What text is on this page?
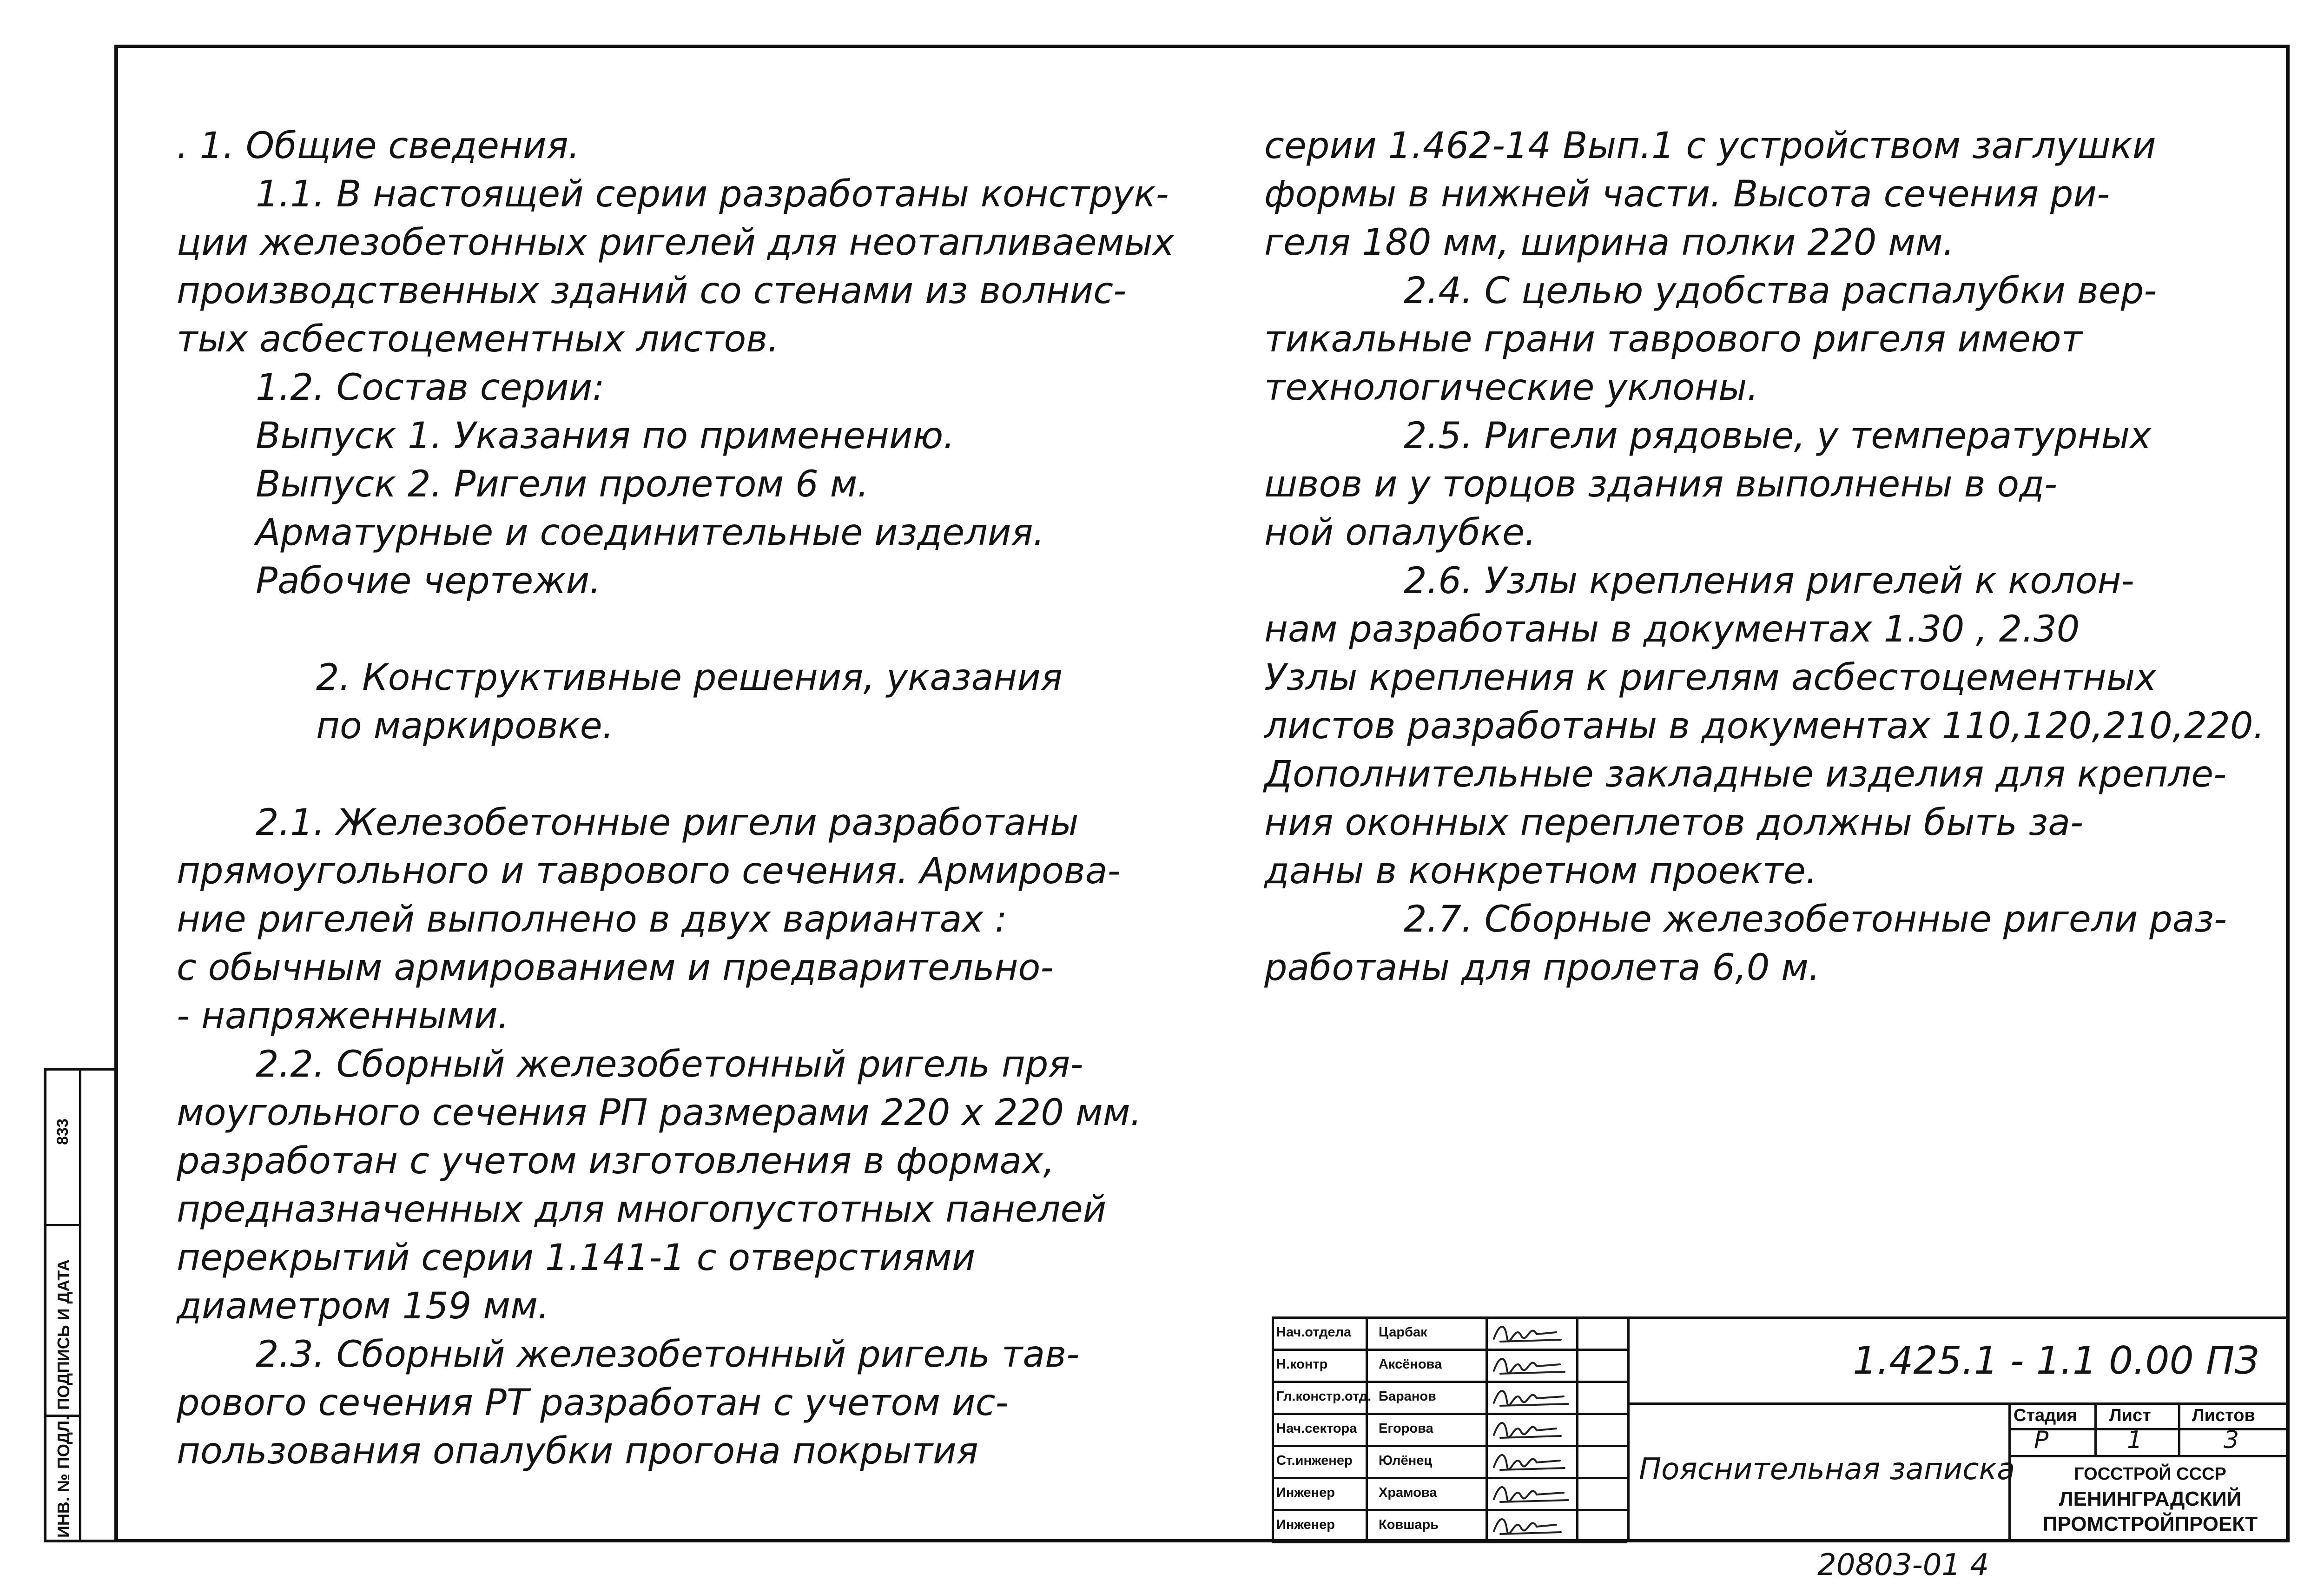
. 1. Общие сведения.
1.1. В настоящей серии разработаны конструк-
ции железобетонных ригелей для неотапливаемых
производственных зданий со стенами из волнис-
тых асбестоцементных листов.
1.2. Состав серии:
Выпуск 1. Указания по применению.
Выпуск 2. Ригели пролетом 6 м.
Арматурные и соединительные изделия.
Рабочие чертежи.
2. Конструктивные решения, указания
по маркировке.
2.1. Железобетонные ригели разработаны
прямоугольного и таврового сечения. Армирова-
ние ригелей выполнено в двух вариантах :
с обычным армированием и предварительно-
- напряженными.
2.2. Сборный железобетонный ригель пря-
моугольного сечения РП размерами 220 x 220 мм.
разработан с учетом изготовления в формах,
предназначенных для многопустотных панелей
перекрытий серии 1.141-1 с отверстиями
диаметром 159 мм.
2.3. Сборный железобетонный ригель тав-
рового сечения РТ разработан с учетом ис-
пользования опалубки прогона покрытия
серии 1.462-14 Вып.1 с устройством заглушки
формы в нижней части. Высота сечения ри-
геля 180 мм, ширина полки 220 мм.
2.4. С целью удобства распалубки вер-
тикальные грани таврового ригеля имеют
технологические уклоны.
2.5. Ригели рядовые, у температурных
швов и у торцов здания выполнены в од-
ной опалубке.
2.6. Узлы крепления ригелей к колон-
нам разработаны в документах 1.30 , 2.30
Узлы крепления к ригелям асбестоцементных
листов разработаны в документах 110,120,210,220.
Дополнительные закладные изделия для крепле-
ния оконных переплетов должны быть за-
даны в конкретном проекте.
2.7. Сборные железобетонные ригели раз-
работаны для пролета 6,0 м.
ИНВ. № ПОДЛ.
ПОДПИСЬ И ДАТА
833
Нач.отдела Царбак
Н.контр	Аксёнова
Гл.констр.отд. Баранов
Нач.сектора Егорова
Ст.инженер Юлёнец
Инженер	Храмова
Инженер	Ковшарь
1.425.1 - 1.1 0.00 ПЗ
Пояснительная записка
Стадия Лист Листов
Р	1	3
ГОССТРОЙ СССР
ЛЕНИНГРАДСКИЙ
ПРОМСТРОЙПРОЕКТ
20803-01 4
